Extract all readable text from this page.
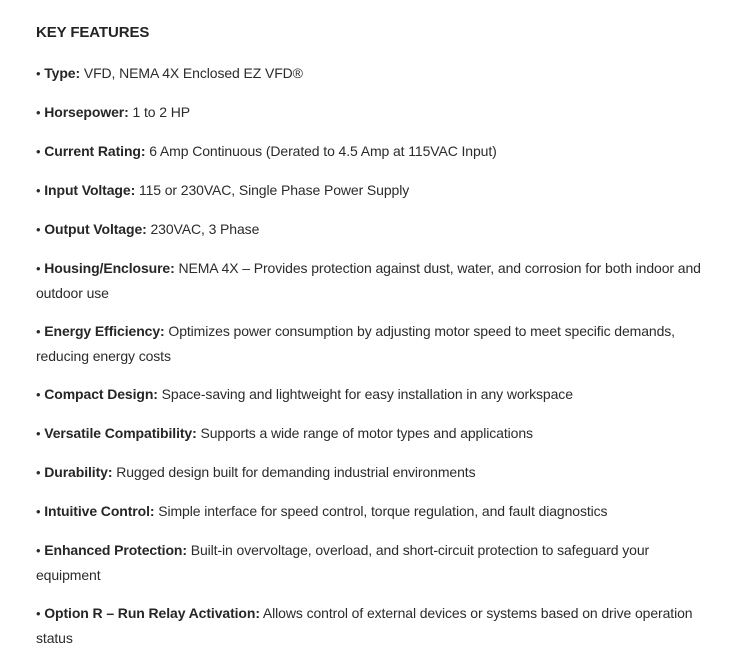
KEY FEATURES
• Type: VFD, NEMA 4X Enclosed EZ VFD®
• Horsepower: 1 to 2 HP
• Current Rating: 6 Amp Continuous (Derated to 4.5 Amp at 115VAC Input)
• Input Voltage: 115 or 230VAC, Single Phase Power Supply
• Output Voltage: 230VAC, 3 Phase
• Housing/Enclosure: NEMA 4X – Provides protection against dust, water, and corrosion for both indoor and outdoor use
• Energy Efficiency: Optimizes power consumption by adjusting motor speed to meet specific demands, reducing energy costs
• Compact Design: Space-saving and lightweight for easy installation in any workspace
• Versatile Compatibility: Supports a wide range of motor types and applications
• Durability: Rugged design built for demanding industrial environments
• Intuitive Control: Simple interface for speed control, torque regulation, and fault diagnostics
• Enhanced Protection: Built-in overvoltage, overload, and short-circuit protection to safeguard your equipment
• Option R – Run Relay Activation: Allows control of external devices or systems based on drive operation status
